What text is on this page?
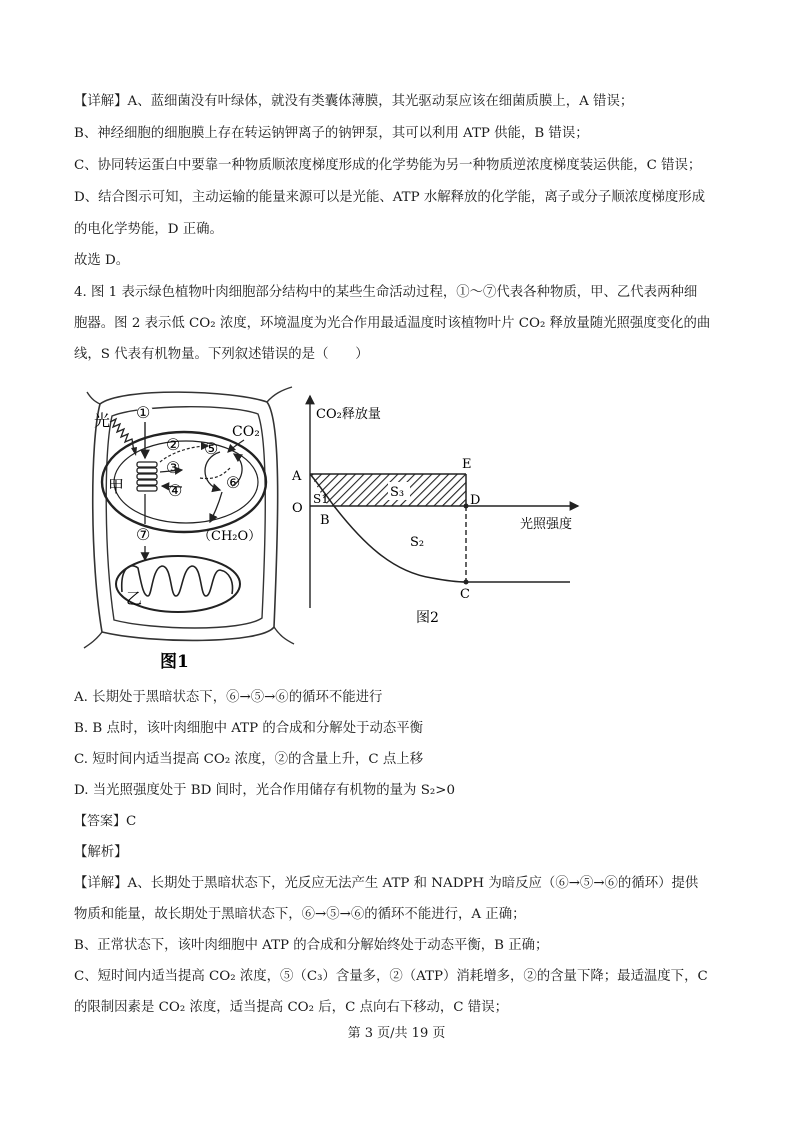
【详解】A、蓝细菌没有叶绿体，就没有类囊体薄膜，其光驱动泵应该在细菌质膜上，A 错误；
B、神经细胞的细胞膜上存在转运钠钾离子的钠钾泵，其可以利用 ATP 供能，B 错误；
C、协同转运蛋白中要靠一种物质顺浓度梯度形成的化学势能为另一种物质逆浓度梯度装运供能，C 错误；
D、结合图示可知，主动运输的能量来源可以是光能、ATP 水解释放的化学能，离子或分子顺浓度梯度形成
的电化学势能，D 正确。
故选 D。
4. 图 1 表示绿色植物叶肉细胞部分结构中的某些生命活动过程，①～⑦代表各种物质，甲、乙代表两种细
胞器。图 2 表示低 CO₂ 浓度，环境温度为光合作用最适温度时该植物叶片 CO₂ 释放量随光照强度变化的曲
线，S 代表有机物量。下列叙述错误的是（　　）
光 ①
②
③
④
⑤
⑥
CO₂
（CH₂O）
甲
⑦
乙
图1
S₃
CO₂释放量
光照强度
A
O
B
E
D
C
S1
S₂
图2
A. 长期处于黑暗状态下，⑥→⑤→⑥的循环不能进行
B. B 点时，该叶肉细胞中 ATP 的合成和分解处于动态平衡
C. 短时间内适当提高 CO₂ 浓度，②的含量上升，C 点上移
D. 当光照强度处于 BD 间时，光合作用储存有机物的量为 S₂>0
【答案】C
【解析】
【详解】A、长期处于黑暗状态下，光反应无法产生 ATP 和 NADPH 为暗反应（⑥→⑤→⑥的循环）提供
物质和能量，故长期处于黑暗状态下，⑥→⑤→⑥的循环不能进行，A 正确；
B、正常状态下，该叶肉细胞中 ATP 的合成和分解始终处于动态平衡，B 正确；
C、短时间内适当提高 CO₂ 浓度，⑤（C₃）含量多，②（ATP）消耗增多，②的含量下降；最适温度下，C
的限制因素是 CO₂ 浓度，适当提高 CO₂ 后，C 点向右下移动，C 错误；
第 3 页/共 19 页
